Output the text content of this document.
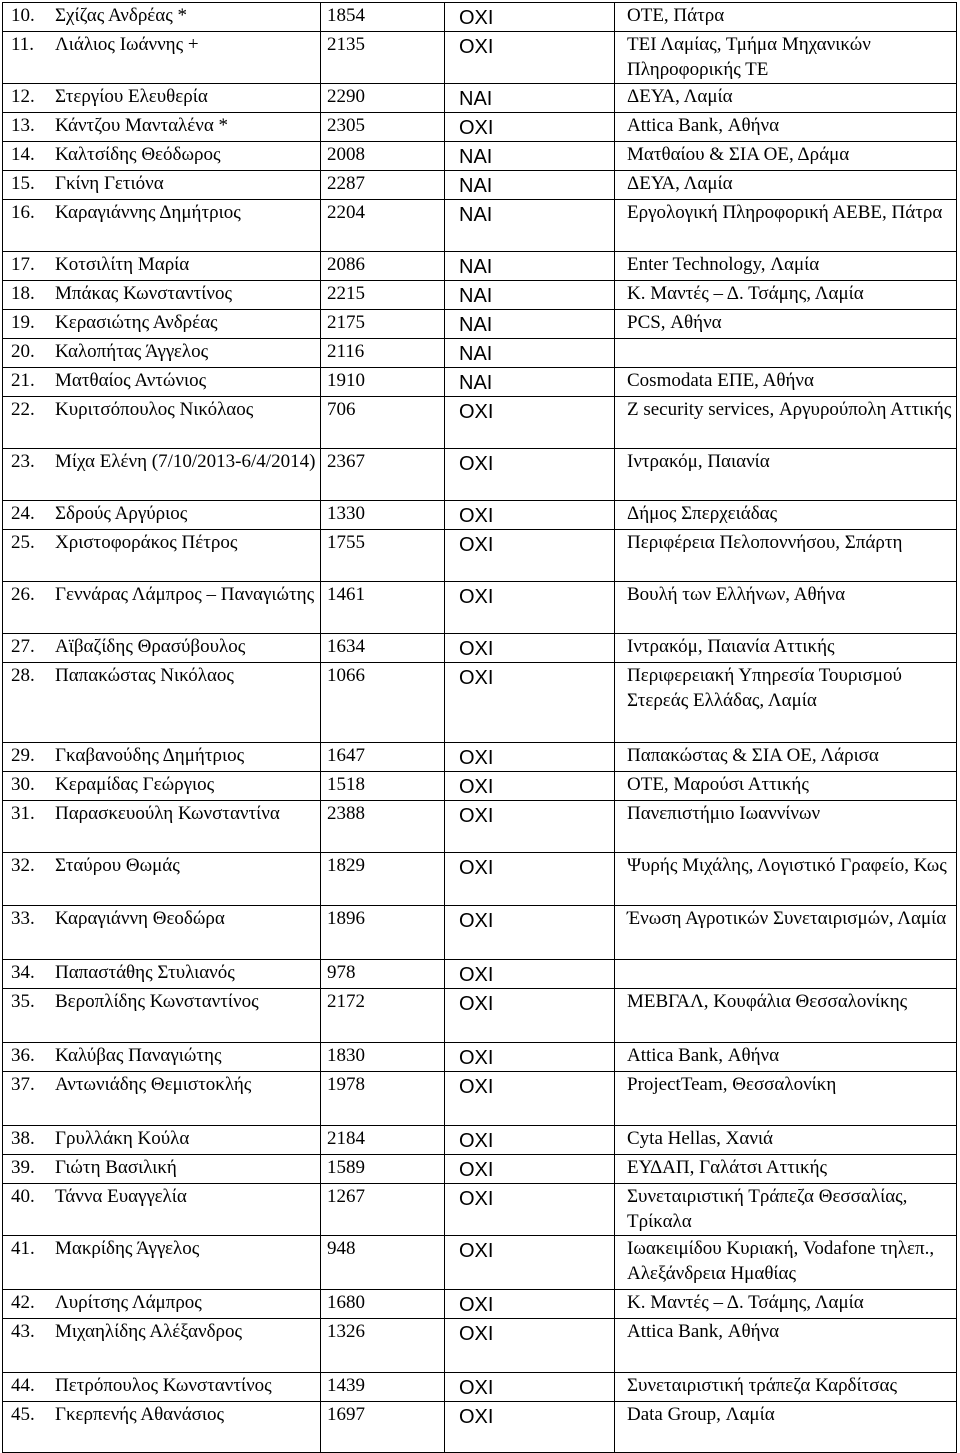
10. Σχίζας Ανδρέας *	1854	ΟΧΙ	ΟΤΕ, Πάτρα
11. Λιάλιος Ιωάννης +	2135	ΟΧΙ	ΤΕΙ Λαμίας, Τμήμα Μηχανικών Πληροφορικής ΤΕ
12. Στεργίου Ελευθερία	2290	ΝΑΙ	ΔΕΥΑ, Λαμία
13. Κάντζου Μανταλένα *	2305	ΟΧΙ	Attica Bank, Αθήνα
14. Καλτσίδης Θεόδωρος	2008	ΝΑΙ	Ματθαίου & ΣΙΑ ΟΕ, Δράμα
15. Γκίνη Γετιόνα	2287	ΝΑΙ	ΔΕΥΑ, Λαμία
16. Καραγιάννης Δημήτριος	2204	ΝΑΙ	Εργολογική Πληροφορική ΑΕΒΕ, Πάτρα
17. Κοτσιλίτη Μαρία	2086	ΝΑΙ	Enter Technology, Λαμία
18. Μπάκας Κωνσταντίνος	2215	ΝΑΙ	Κ. Μαντές – Δ. Τσάμης, Λαμία
19. Κερασιώτης Ανδρέας	2175	ΝΑΙ	PCS, Αθήνα
20. Καλοπήτας Άγγελος	2116	ΝΑΙ	
21. Ματθαίος Αντώνιος	1910	ΝΑΙ	Cosmodata ΕΠΕ, Αθήνα
22. Κυριτσόπουλος Νικόλαος	706	ΟΧΙ	Z security services, Αργυρούπολη Αττικής
23. Μίχα Ελένη (7/10/2013-6/4/2014)	2367	ΟΧΙ	Ιντρακόμ, Παιανία
24. Σδρούς Αργύριος	1330	ΟΧΙ	Δήμος Σπερχειάδας
25. Χριστοφοράκος Πέτρος	1755	ΟΧΙ	Περιφέρεια Πελοποννήσου, Σπάρτη
26. Γεννάρας Λάμπρος – Παναγιώτης	1461	ΟΧΙ	Βουλή των Ελλήνων, Αθήνα
27. Αϊβαζίδης Θρασύβουλος	1634	ΟΧΙ	Ιντρακόμ, Παιανία Αττικής
28. Παπακώστας Νικόλαος	1066	ΟΧΙ	Περιφερειακή Υπηρεσία Τουρισμού Στερεάς Ελλάδας, Λαμία
29. Γκαβανούδης Δημήτριος	1647	ΟΧΙ	Παπακώστας & ΣΙΑ ΟΕ, Λάρισα
30. Κεραμίδας Γεώργιος	1518	ΟΧΙ	ΟΤΕ, Μαρούσι Αττικής
31. Παρασκευούλη Κωνσταντίνα	2388	ΟΧΙ	Πανεπιστήμιο Ιωαννίνων
32. Σταύρου Θωμάς	1829	ΟΧΙ	Ψυρής Μιχάλης, Λογιστικό Γραφείο, Κως
33. Καραγιάννη Θεοδώρα	1896	ΟΧΙ	Ένωση Αγροτικών Συνεταιρισμών, Λαμία
34. Παπαστάθης Στυλιανός	978	ΟΧΙ	
35. Βεροπλίδης Κωνσταντίνος	2172	ΟΧΙ	ΜΕΒΓΑΛ, Κουφάλια Θεσσαλονίκης
36. Καλύβας Παναγιώτης	1830	ΟΧΙ	Attica Bank, Αθήνα
37. Αντωνιάδης Θεμιστοκλής	1978	ΟΧΙ	ProjectTeam, Θεσσαλονίκη
38. Γρυλλάκη Κούλα	2184	ΟΧΙ	Cyta Hellas, Χανιά
39. Γιώτη Βασιλική	1589	ΟΧΙ	ΕΥΔΑΠ, Γαλάτσι Αττικής
40. Τάννα Ευαγγελία	1267	ΟΧΙ	Συνεταιριστική Τράπεζα Θεσσαλίας, Τρίκαλα
41. Μακρίδης Άγγελος	948	ΟΧΙ	Ιωακειμίδου Κυριακή, Vodafone τηλεπ., Αλεξάνδρεια Ημαθίας
42. Λυρίτσης Λάμπρος	1680	ΟΧΙ	Κ. Μαντές – Δ. Τσάμης, Λαμία
43. Μιχαηλίδης Αλέξανδρος	1326	ΟΧΙ	Attica Bank, Αθήνα
44. Πετρόπουλος Κωνσταντίνος	1439	ΟΧΙ	Συνεταιριστική τράπεζα Καρδίτσας
45. Γκερπενής Αθανάσιος	1697	ΟΧΙ	Data Group, Λαμία
